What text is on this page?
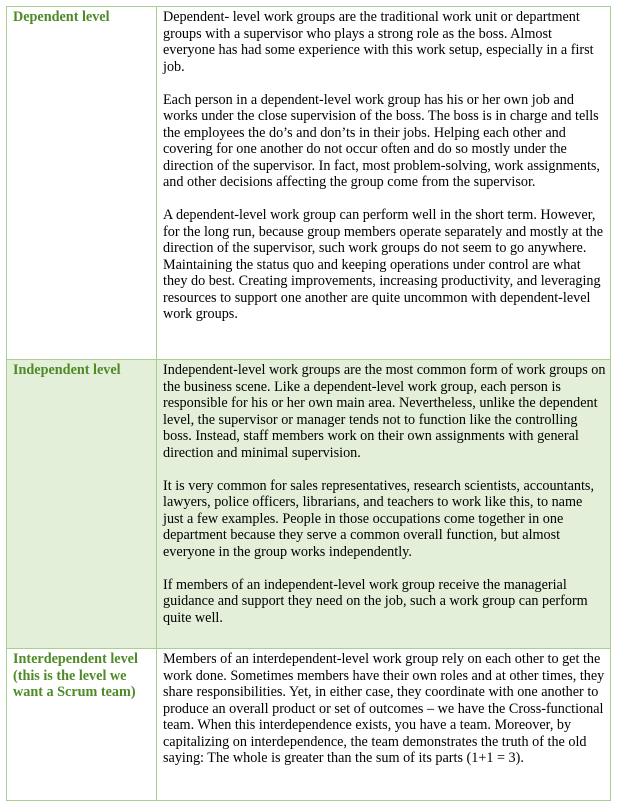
Dependent level	Dependent- level work groups are the traditional work unit or department groups with a supervisor who plays a strong role as the boss. Almost everyone has had some experience with this work setup, especially in a first job.

Each person in a dependent-level work group has his or her own job and works under the close supervision of the boss. The boss is in charge and tells the employees the do’s and don’ts in their jobs. Helping each other and covering for one another do not occur often and do so mostly under the direction of the supervisor. In fact, most problem-solving, work assignments, and other decisions affecting the group come from the supervisor.

A dependent-level work group can perform well in the short term. However, for the long run, because group members operate separately and mostly at the direction of the supervisor, such work groups do not seem to go anywhere. Maintaining the status quo and keeping operations under control are what they do best. Creating improvements, increasing productivity, and leveraging resources to support one another are quite uncommon with dependent-level work groups.

Independent level	Independent-level work groups are the most common form of work groups on the business scene. Like a dependent-level work group, each person is responsible for his or her own main area. Nevertheless, unlike the dependent level, the supervisor or manager tends not to function like the controlling boss. Instead, staff members work on their own assignments with general direction and minimal supervision.

It is very common for sales representatives, research scientists, accountants, lawyers, police officers, librarians, and teachers to work like this, to name just a few examples. People in those occupations come together in one department because they serve a common overall function, but almost everyone in the group works independently.

If members of an independent-level work group receive the managerial guidance and support they need on the job, such a work group can perform quite well.

Interdependent level (this is the level we want a Scrum team)	Members of an interdependent-level work group rely on each other to get the work done. Sometimes members have their own roles and at other times, they share responsibilities. Yet, in either case, they coordinate with one another to produce an overall product or set of outcomes – we have the Cross-functional team. When this interdependence exists, you have a team. Moreover, by capitalizing on interdependence, the team demonstrates the truth of the old saying: The whole is greater than the sum of its parts (1+1 = 3).
